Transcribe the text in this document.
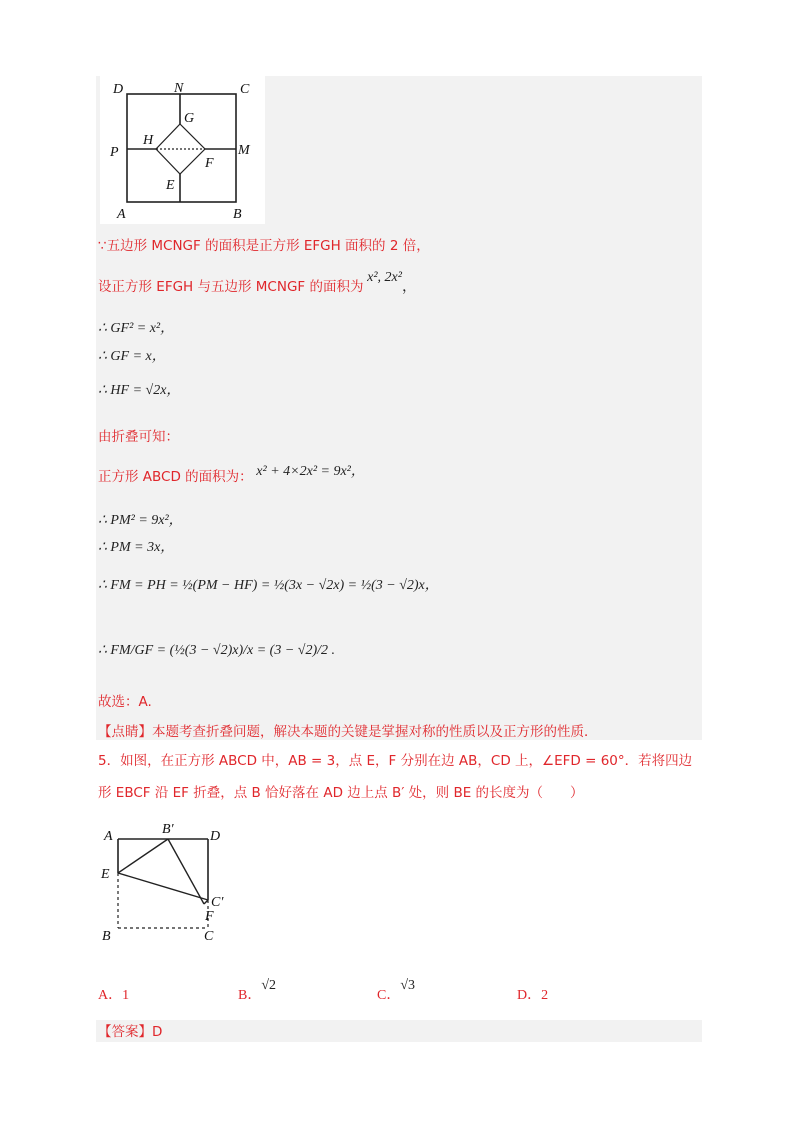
D	N	C
G
P
H
M
F
E
A	B
∵五边形 MCNGF 的面积是正方形 EFGH 面积的 2 倍，
设正方形 EFGH 与五边形 MCNGF 的面积为 x², 2x²，
∴ GF² = x²，
∴ GF = x，
∴ HF = √2x，
由折叠可知：
正方形 ABCD 的面积为： x² + 4×2x² = 9x²，
∴ PM² = 9x²，
∴ PM = 3x，
∴ FM = PH = ½(PM − HF) = ½(3x − √2x) = ½(3 − √2)x，
∴ FM/GF = (½(3 − √2)x)/x = (3 − √2)/2 .
故选：A.
【点睛】本题考查折叠问题，解决本题的关键是掌握对称的性质以及正方形的性质．
5．如图，在正方形 ABCD 中，AB = 3，点 E，F 分别在边 AB，CD 上，∠EFD = 60°．若将四边
形 EBCF 沿 EF 折叠，点 B 恰好落在 AD 边上点 B′ 处，则 BE 的长度为（　　）
A	B′	D
E
C′
F
B	C
A．1	B．√2
C．√3
D．2
【答案】D
